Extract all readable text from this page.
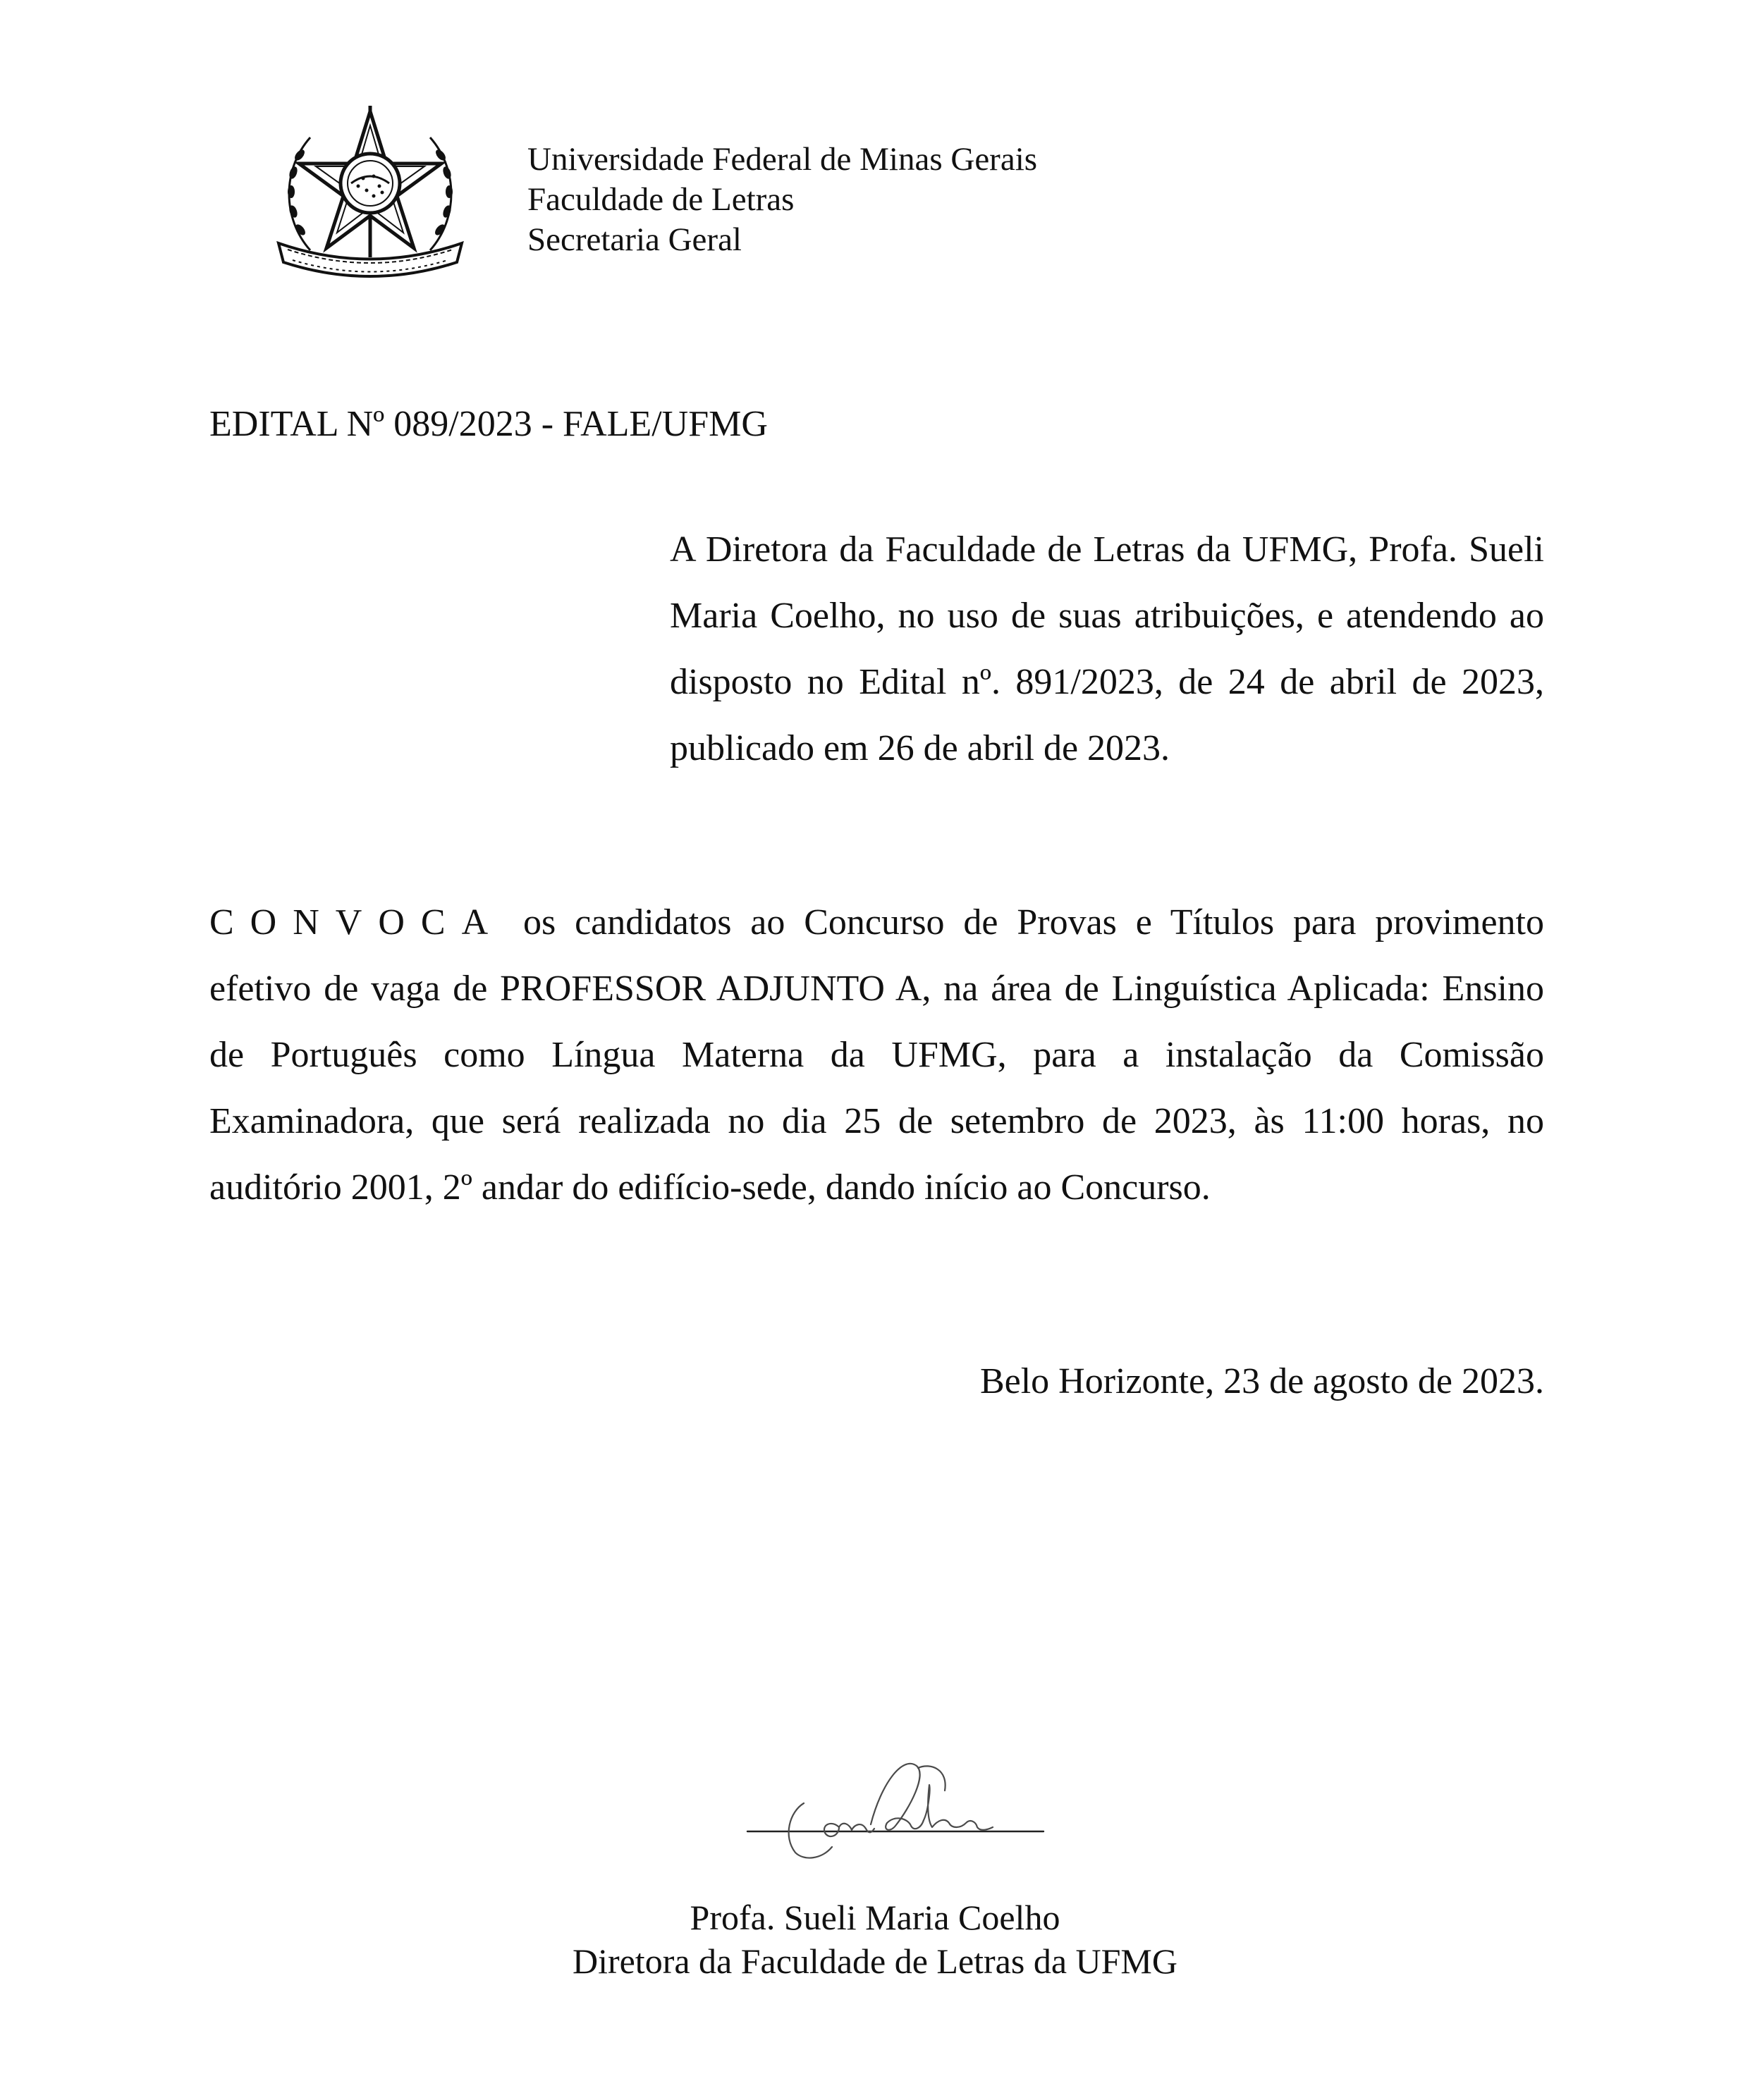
Universidade Federal de Minas Gerais
Faculdade de Letras
Secretaria Geral
EDITAL Nº 089/2023 - FALE/UFMG
A Diretora da Faculdade de Letras da UFMG, Profa. Sueli Maria Coelho, no uso de suas atribuições, e atendendo ao disposto no Edital nº. 891/2023, de 24 de abril de 2023, publicado em 26 de abril de 2023.
CONVOCA os candidatos ao Concurso de Provas e Títulos para provimento efetivo de vaga de PROFESSOR ADJUNTO A, na área de Linguística Aplicada: Ensino de Português como Língua Materna da UFMG, para a instalação da Comissão Examinadora, que será realizada no dia 25 de setembro de 2023, às 11:00 horas, no auditório 2001, 2º andar do edifício-sede, dando início ao Concurso.
Belo Horizonte, 23 de agosto de 2023.
Profa. Sueli Maria Coelho
Diretora da Faculdade de Letras da UFMG
